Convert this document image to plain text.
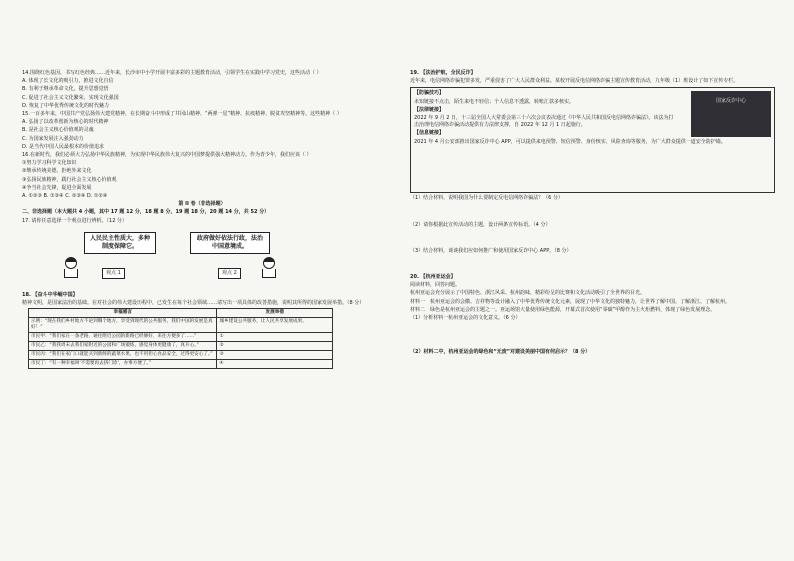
14.围绕红色基因、书写红色经典……近年来，长沙市中小学开展丰富多彩的主题教育活动，引领学生在实践中学习党史，这些活动（ ）

A. 体现了长文化的吸引力，推进文化自信

B. 有利于继承革命文化，提升思想觉悟

C. 促进了社会主义文化繁荣，实现文化强国

D. 恢复了中华优秀传统文化的时代魅力

15.一百多年来，中国共产党弘扬伟大建党精神，在长期奋斗中形成了井冈山精神、“两弹一星”精神、抗疫精神、脱贫攻坚精神等。这些精神（ ）

A. 弘扬了以改革创新为核心的时代精神

B. 是社会主义核心价值观的灵魂

C. 为国家发展注入强劲动力

D. 是当代中国人民最根本的价值追求

16.在新时代，我们必须大力弘扬中华民族精神，为实现中华民族伟大复兴的中国梦提供强大精神动力。作为青少年，我们应该（ ）

①努力学习科学文化知识

②继承传统美德，拒绝外来文化

③弘扬民族精神，践行社会主义核心价值观

④争当社会先锋，促进全面发展

A. ①②③ B. ①③④ C. ②③④ D. ①②④

第 II 卷（非选择题）

二、非选择题（本大题共 4 小题，其中 17 题 12 分，18 题 8 分，19 题 18 分，20 题 14 分，共 52 分）

17. 请你任意选择一个观点进行辨析。（12 分）

人民民主性质大，多种制度保障它。
政府做好依法行政，法治中国意境成。
观点 1	观点 2

18. 【奋斗中华崛中国】

精神文明，是国家法治的基础。在对社会的伟大建设历程中，已发生在每个社会领域……请写出一项具体的改善措施，说明其所得的国家发展举措。（8 分）

幸福感言	发展举措
示例：“现在我们乡村地方不论到哪个地方，享受到现代的公共服务，我们中国的发展是真好！”	城乡建设公共服务，让人民共享发展成果。
市民甲：“我们家在一条老路，通往附近公园的新路已经修好，来往方便多了……”	①
市民乙：“我我周末去我们家附近的公园和广场锻炼，感觉身体更健康了，真开心。”	②
市民丙：“我们在家门口就能买到新鲜的蔬菜水果，也不用担心食品安全，过得更安心了。”	③
市民丁：“有一种幸福叫‘不需要再去挤门诊’，办事方便了。”	④

19. 【法治护航，全民反诈】

近年来，电信网络诈骗犯罪多发，严重侵害了广大人民群众利益。某校开展反电信网络诈骗主题宣传教育活动，九年级（1）班设计了如下宣传专栏。

【防骗技巧】

未知链接不点击，陌生来电不轻信；个人信息不透露，转账汇款多核实。

【法律链接】

2022 年 9 月 2 日，十三届全国人大常委会第三十六次会议表决通过《中华人民共和国反电信网络诈骗法》。该法为打击治理电信网络诈骗活动提供有力法律支撑，自 2022 年 12 月 1 日起施行。

国家反诈中心

【信息链接】

2021 年 4 月公安部推出国家反诈中心 APP，可以提供来电预警、短信预警、身份核实、风险查询等服务，为广大群众提供一道安全防护墙。

（1）结合材料，说明我国为什么要制定反电信网络诈骗法？（6 分）

（2）请你根据此宣传活动的主题，设计两条宣传标语。（4 分）

（3）结合材料，谈谈我们应如何推广和使用国家反诈中心 APP。（8 分）

20. 【杭州亚运会】

阅读材料，回答问题。

杭州亚运会充分展示了中国特色、浙江风采、杭州韵味，精彩纷呈的比赛和文化活动吸引了全世界的目光。

材料一　杭州亚运会的会徽、吉祥物等设计融入了中华优秀传统文化元素，展现了中华文化的独特魅力，让世界了解中国、了解浙江、了解杭州。

材料二　绿色是杭州亚运会的主题之一。亚运场馆大量使用绿色能源，开幕式首次使用“零碳”甲醇作为主火炬燃料，体现了绿色发展理念。

（1）分析材料一杭州亚运会的文化意义。（6 分）

（2）材料二中，杭州亚运会的绿色和“无废”对建设美丽中国有何启示？（8 分）
